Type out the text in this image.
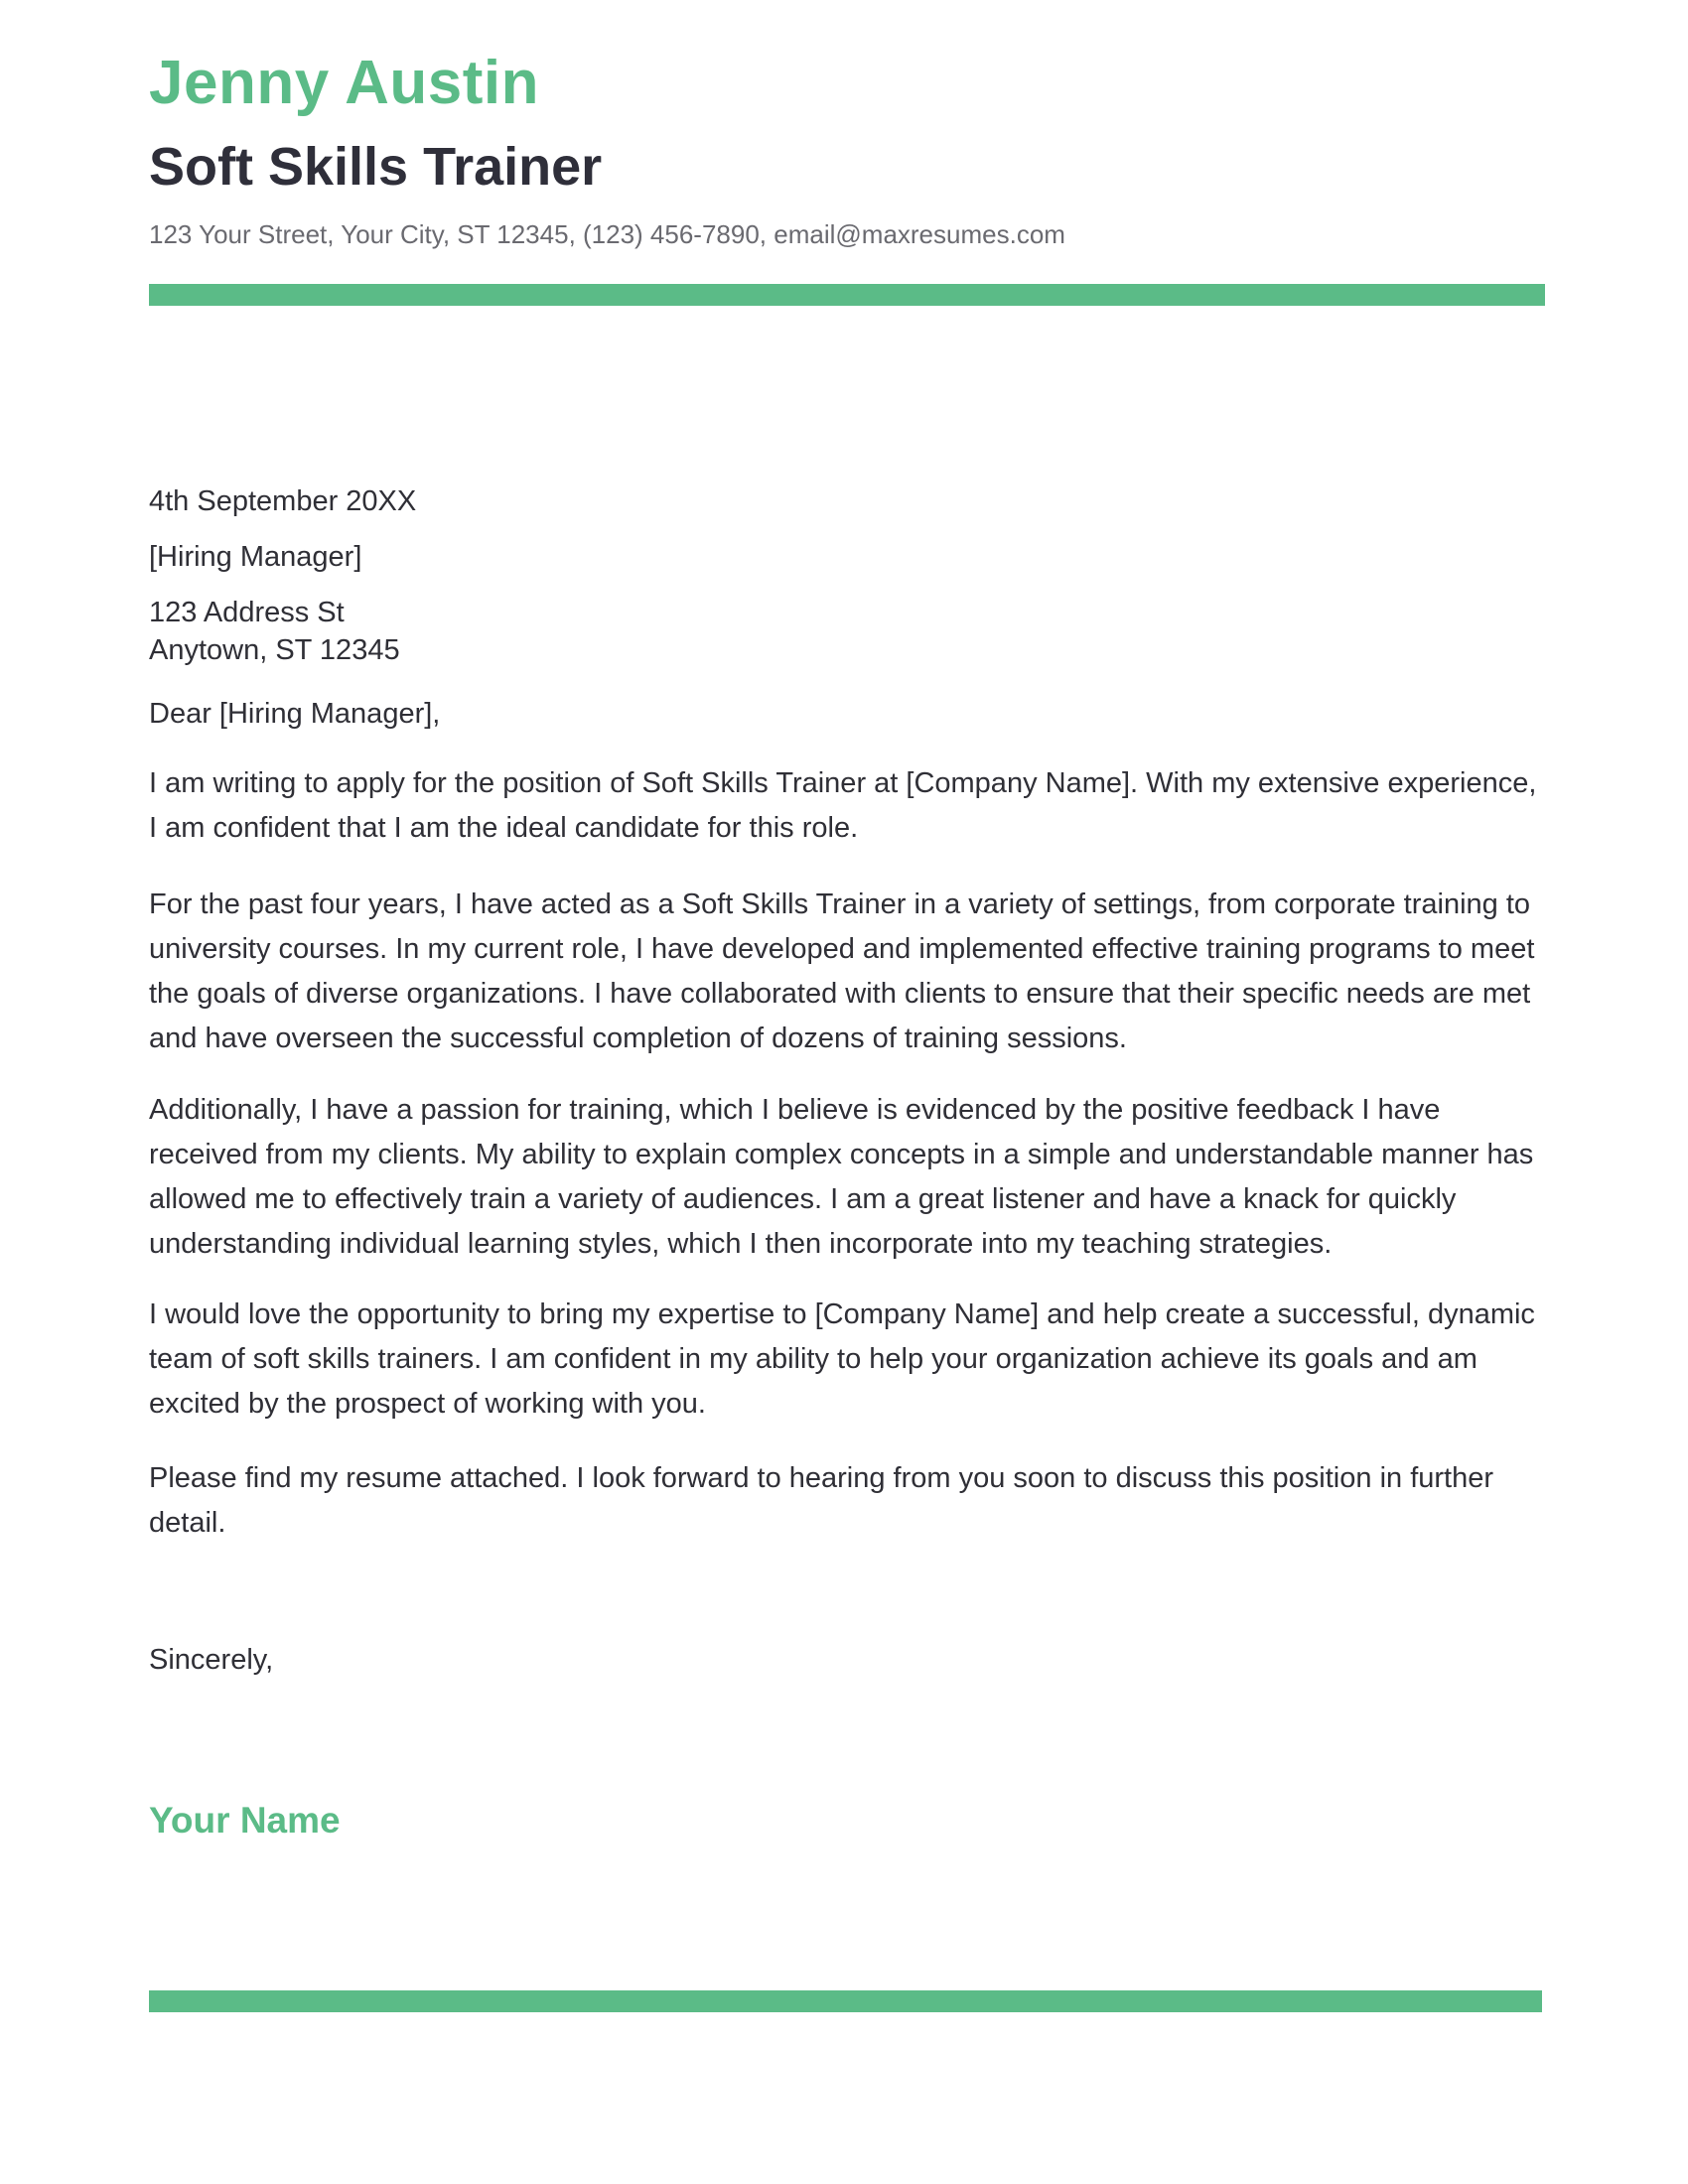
Jenny Austin
Soft Skills Trainer
123 Your Street, Your City, ST 12345, (123) 456-7890, email@maxresumes.com
4th September 20XX
[Hiring Manager]
123 Address St
Anytown, ST 12345
Dear [Hiring Manager],

I am writing to apply for the position of Soft Skills Trainer at [Company Name]. With my extensive experience, I am confident that I am the ideal candidate for this role.

For the past four years, I have acted as a Soft Skills Trainer in a variety of settings, from corporate training to university courses. In my current role, I have developed and implemented effective training programs to meet the goals of diverse organizations. I have collaborated with clients to ensure that their specific needs are met and have overseen the successful completion of dozens of training sessions.

Additionally, I have a passion for training, which I believe is evidenced by the positive feedback I have received from my clients. My ability to explain complex concepts in a simple and understandable manner has allowed me to effectively train a variety of audiences. I am a great listener and have a knack for quickly understanding individual learning styles, which I then incorporate into my teaching strategies.

I would love the opportunity to bring my expertise to [Company Name] and help create a successful, dynamic team of soft skills trainers. I am confident in my ability to help your organization achieve its goals and am excited by the prospect of working with you.

Please find my resume attached. I look forward to hearing from you soon to discuss this position in further detail.

Sincerely,
Your Name
